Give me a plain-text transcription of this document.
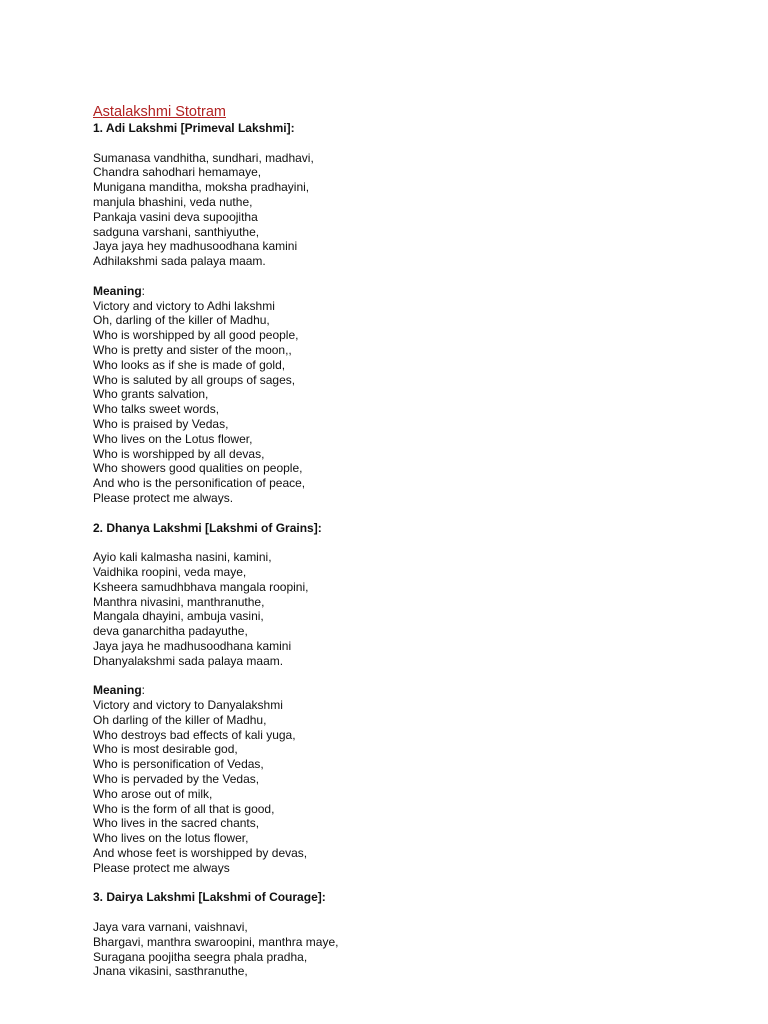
Astalakshmi Stotram

1. Adi Lakshmi [Primeval Lakshmi]:

Sumanasa vandhitha, sundhari, madhavi,

Chandra sahodhari hemamaye,

Munigana manditha, moksha pradhayini,

manjula bhashini, veda nuthe,

Pankaja vasini deva supoojitha

sadguna varshani, santhiyuthe,

Jaya jaya hey madhusoodhana kamini

Adhilakshmi sada palaya maam.

Meaning:

Victory and victory to Adhi lakshmi

Oh, darling of the killer of Madhu,

Who is worshipped by all good people,

Who is pretty and sister of the moon,,

Who looks as if she is made of gold,

Who is saluted by all groups of sages,

Who grants salvation,

Who talks sweet words,

Who is praised by Vedas,

Who lives on the Lotus flower,

Who is worshipped by all devas,

Who showers good qualities on people,

And who is the personification of peace,

Please protect me always.

2. Dhanya Lakshmi [Lakshmi of Grains]:

Ayio kali kalmasha nasini, kamini,

Vaidhika roopini, veda maye,

Ksheera samudhbhava mangala roopini,

Manthra nivasini, manthranuthe,

Mangala dhayini, ambuja vasini,

deva ganarchitha padayuthe,

Jaya jaya he madhusoodhana kamini

Dhanyalakshmi sada palaya maam.

Meaning:

Victory and victory to Danyalakshmi

Oh darling of the killer of Madhu,

Who destroys bad effects of kali yuga,

Who is most desirable god,

Who is personification of Vedas,

Who is pervaded by the Vedas,

Who arose out of milk,

Who is the form of all that is good,

Who lives in the sacred chants,

Who lives on the lotus flower,

And whose feet is worshipped by devas,

Please protect me always

3. Dairya Lakshmi [Lakshmi of Courage]:

Jaya vara varnani, vaishnavi,

Bhargavi, manthra swaroopini, manthra maye,

Suragana poojitha seegra phala pradha,

Jnana vikasini, sasthranuthe,
